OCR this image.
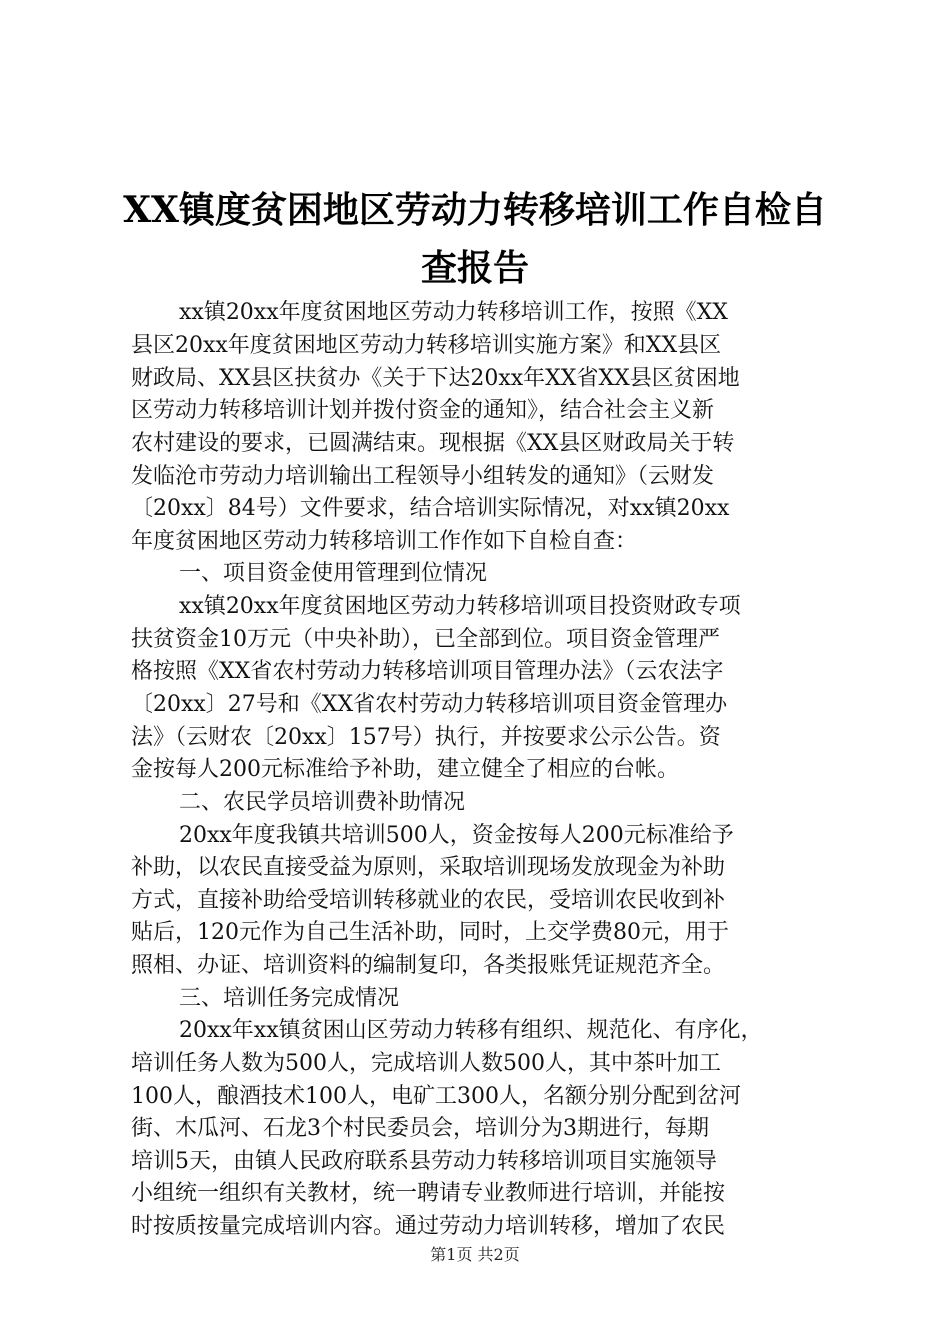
XX镇度贫困地区劳动力转移培训工作自检自
查报告
xx镇20xx年度贫困地区劳动力转移培训工作，按照《XX
县区20xx年度贫困地区劳动力转移培训实施方案》和XX县区
财政局、XX县区扶贫办《关于下达20xx年XX省XX县区贫困地
区劳动力转移培训计划并拨付资金的通知》，结合社会主义新
农村建设的要求，已圆满结束。现根据《XX县区财政局关于转
发临沧市劳动力培训输出工程领导小组转发的通知》（云财发
〔20xx〕84号）文件要求，结合培训实际情况，对xx镇20xx
年度贫困地区劳动力转移培训工作作如下自检自查：
一、项目资金使用管理到位情况
xx镇20xx年度贫困地区劳动力转移培训项目投资财政专项
扶贫资金10万元（中央补助），已全部到位。项目资金管理严
格按照《XX省农村劳动力转移培训项目管理办法》（云农法字
〔20xx〕27号和《XX省农村劳动力转移培训项目资金管理办
法》（云财农〔20xx〕157号）执行，并按要求公示公告。资
金按每人200元标准给予补助，建立健全了相应的台帐。
二、农民学员培训费补助情况
20xx年度我镇共培训500人，资金按每人200元标准给予
补助，以农民直接受益为原则，采取培训现场发放现金为补助
方式，直接补助给受培训转移就业的农民，受培训农民收到补
贴后，120元作为自己生活补助，同时，上交学费80元，用于
照相、办证、培训资料的编制复印，各类报账凭证规范齐全。
三、培训任务完成情况
20xx年xx镇贫困山区劳动力转移有组织、规范化、有序化，
培训任务人数为500人，完成培训人数500人，其中茶叶加工
100人，酿酒技术100人，电矿工300人，名额分别分配到岔河
街、木瓜河、石龙3个村民委员会，培训分为3期进行，每期
培训5天，由镇人民政府联系县劳动力转移培训项目实施领导
小组统一组织有关教材，统一聘请专业教师进行培训，并能按
时按质按量完成培训内容。通过劳动力培训转移，增加了农民
第1页 共2页
